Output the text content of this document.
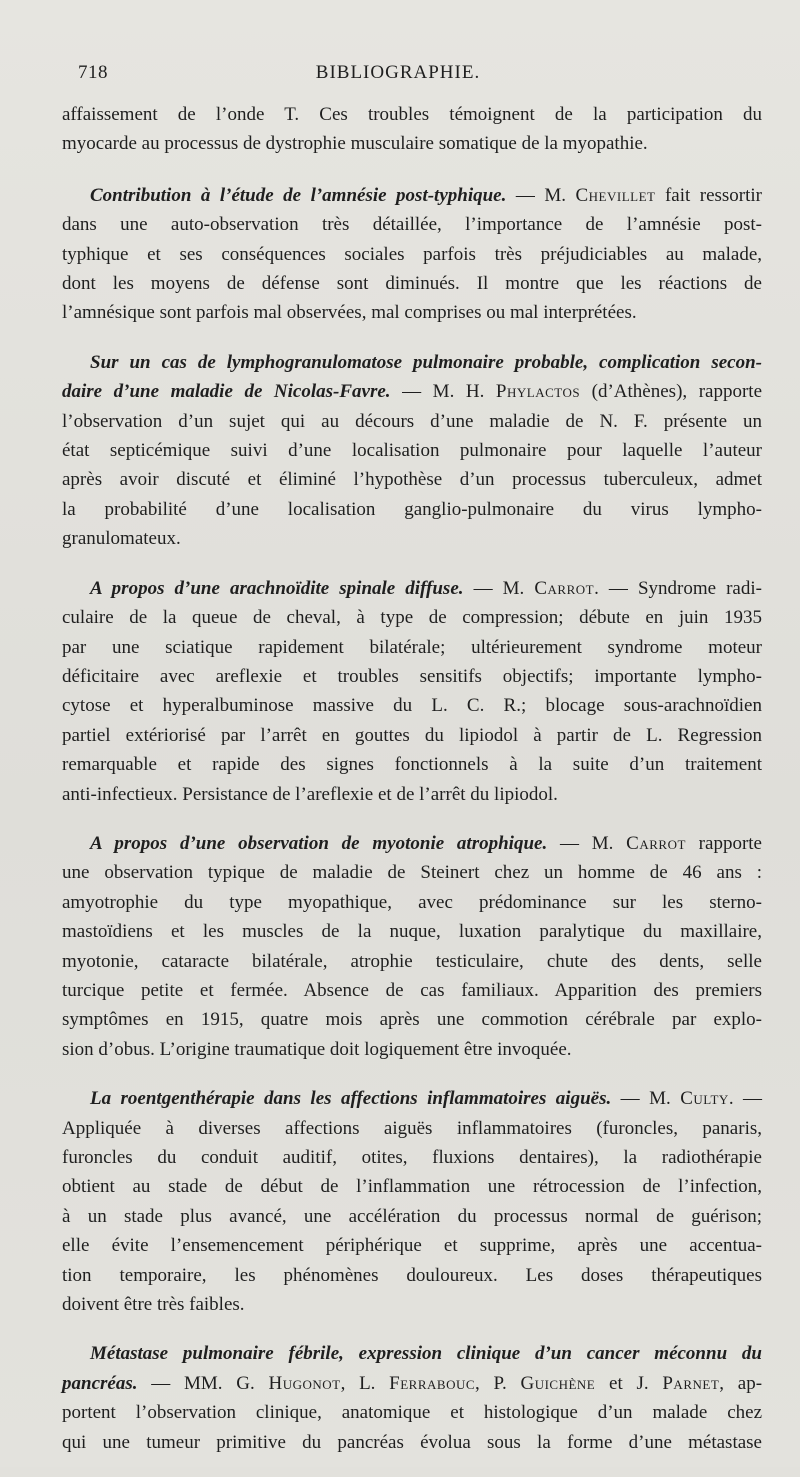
718	BIBLIOGRAPHIE.
affaissement de l’onde T. Ces troubles témoignent de la participation du
myocarde au processus de dystrophie musculaire somatique de la myopathie.
Contribution à l’étude de l’amnésie post-typhique. — M. Chevillet fait ressortir
dans une auto-observation très détaillée, l’importance de l’amnésie post-
typhique et ses conséquences sociales parfois très préjudiciables au malade,
dont les moyens de défense sont diminués. Il montre que les réactions de
l’amnésique sont parfois mal observées, mal comprises ou mal interprétées.
Sur un cas de lymphogranulomatose pulmonaire probable, complication secon-
daire d’une maladie de Nicolas-Favre. — M. H. Phylactos (d’Athènes), rapporte
l’observation d’un sujet qui au décours d’une maladie de N. F. présente un
état septicémique suivi d’une localisation pulmonaire pour laquelle l’auteur
après avoir discuté et éliminé l’hypothèse d’un processus tuberculeux, admet
la probabilité d’une localisation ganglio-pulmonaire du virus lympho-
granulomateux.
A propos d’une arachnoïdite spinale diffuse. — M. Carrot. — Syndrome radi-
culaire de la queue de cheval, à type de compression; débute en juin 1935
par une sciatique rapidement bilatérale; ultérieurement syndrome moteur
déficitaire avec areflexie et troubles sensitifs objectifs; importante lympho-
cytose et hyperalbuminose massive du L. C. R.; blocage sous-arachnoïdien
partiel extériorisé par l’arrêt en gouttes du lipiodol à partir de L. Regression
remarquable et rapide des signes fonctionnels à la suite d’un traitement
anti-infectieux. Persistance de l’areflexie et de l’arrêt du lipiodol.
A propos d’une observation de myotonie atrophique. — M. Carrot rapporte
une observation typique de maladie de Steinert chez un homme de 46 ans :
amyotrophie du type myopathique, avec prédominance sur les sterno-
mastoïdiens et les muscles de la nuque, luxation paralytique du maxillaire,
myotonie, cataracte bilatérale, atrophie testiculaire, chute des dents, selle
turcique petite et fermée. Absence de cas familiaux. Apparition des premiers
symptômes en 1915, quatre mois après une commotion cérébrale par explo-
sion d’obus. L’origine traumatique doit logiquement être invoquée.
La roentgenthérapie dans les affections inflammatoires aiguës. — M. Culty. —
Appliquée à diverses affections aiguës inflammatoires (furoncles, panaris,
furoncles du conduit auditif, otites, fluxions dentaires), la radiothérapie
obtient au stade de début de l’inflammation une rétrocession de l’infection,
à un stade plus avancé, une accélération du processus normal de guérison;
elle évite l’ensemencement périphérique et supprime, après une accentua-
tion temporaire, les phénomènes douloureux. Les doses thérapeutiques
doivent être très faibles.
Métastase pulmonaire fébrile, expression clinique d’un cancer méconnu du
pancréas. — MM. G. Hugonot, L. Ferrabouc, P. Guichène et J. Parnet, ap-
portent l’observation clinique, anatomique et histologique d’un malade chez
qui une tumeur primitive du pancréas évolua sous la forme d’une métastase
